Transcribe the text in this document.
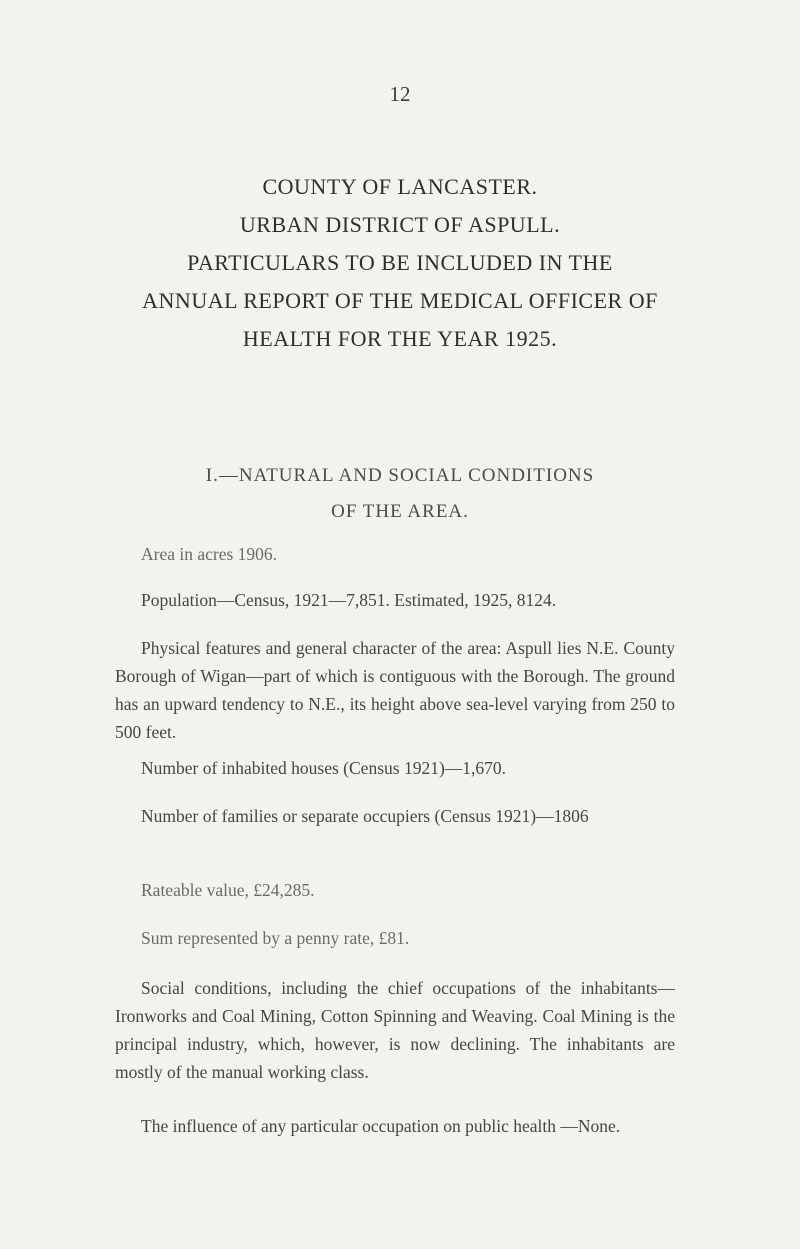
12
COUNTY OF LANCASTER.
URBAN DISTRICT OF ASPULL.
PARTICULARS TO BE INCLUDED IN THE
ANNUAL REPORT OF THE MEDICAL OFFICER OF
HEALTH FOR THE YEAR 1925.
I.—NATURAL AND SOCIAL CONDITIONS
OF THE AREA.

Area in acres 1906.

Population—Census, 1921—7,851. Estimated, 1925, 8124.

Physical features and general character of the area: Aspull lies N.E. County Borough of Wigan—part of which is contiguous with the Borough. The ground has an upward tendency to N.E., its height above sea-level varying from 250 to 500 feet.

Number of inhabited houses (Census 1921)—1,670.

Number of families or separate occupiers (Census 1921)—1806

Rateable value, £24,285.

Sum represented by a penny rate, £81.

Social conditions, including the chief occupations of the inhabitants—Ironworks and Coal Mining, Cotton Spinning and Weaving. Coal Mining is the principal industry, which, however, is now declining. The inhabitants are mostly of the manual working class.

The influence of any particular occupation on public health —None.
